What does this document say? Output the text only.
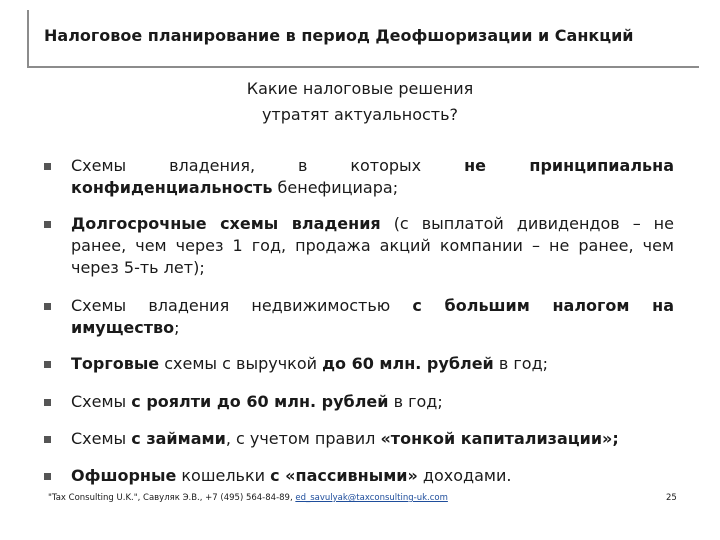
Налоговое планирование в период Деофшоризации и Санкций
Какие налоговые решения
утратят актуальность?
Схемы владения, в которых не принципиальна конфиденциальность бенефициара;
Долгосрочные схемы владения (с выплатой дивидендов – не ранее, чем через 1 год, продажа акций компании – не ранее, чем через 5-ть лет);
Схемы владения недвижимостью с большим налогом на имущество;
Торговые схемы с выручкой до 60 млн. рублей в год;
Схемы с роялти до 60 млн. рублей в год;
Схемы с займами, с учетом правил «тонкой капитализации»;
Офшорные кошельки с «пассивными» доходами.
"Tax Consulting U.K.", Савуляк Э.В., +7 (495) 564-84-89, ed_savulyak@taxconsulting-uk.com	25
